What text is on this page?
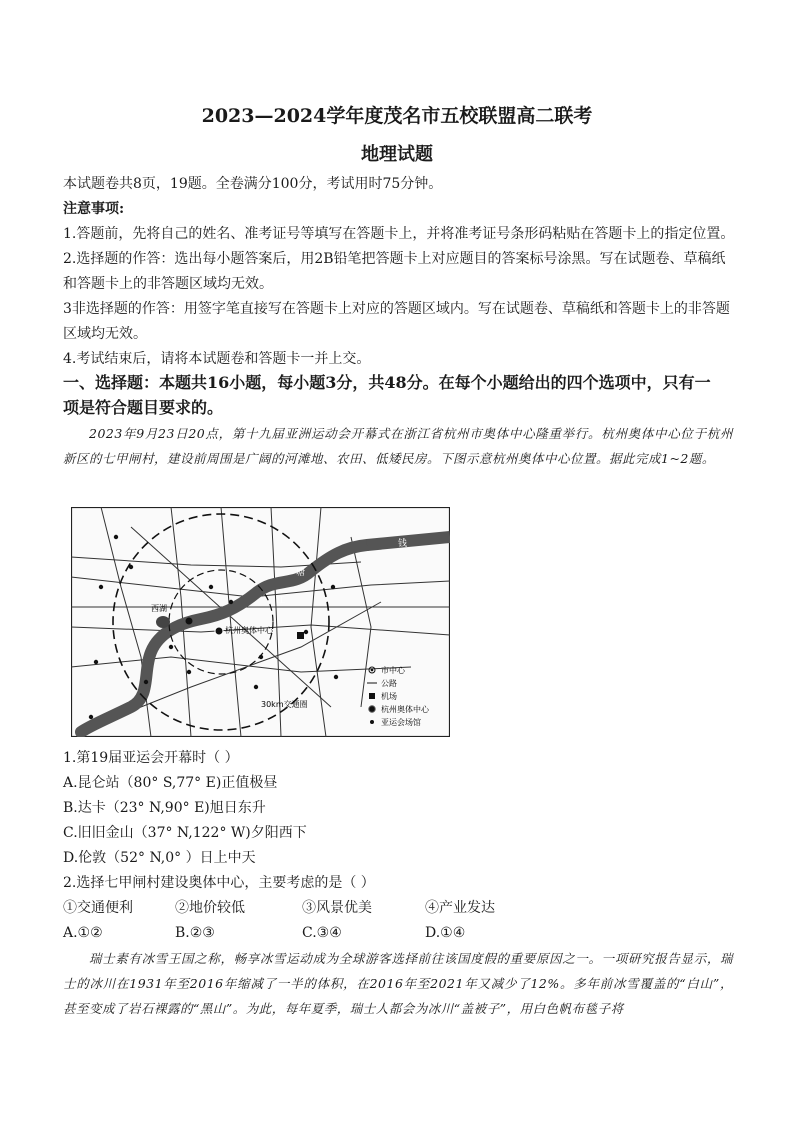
2023—2024学年度茂名市五校联盟高二联考
地理试题
本试题卷共8页，19题。全卷满分100分，考试用时75分钟。
注意事项:
1.答题前，先将自己的姓名、准考证号等填写在答题卡上，并将准考证号条形码粘贴在答题卡上的指定位置。
2.选择题的作答：选出每小题答案后，用2B铅笔把答题卡上对应题目的答案标号涂黑。写在试题卷、草稿纸
和答题卡上的非答题区域均无效。
3非选择题的作答：用签字笔直接写在答题卡上对应的答题区域内。写在试题卷、草稿纸和答题卡上的非答题
区域均无效。
4.考试结束后，请将本试题卷和答题卡一并上交。
一、选择题：本题共16小题，每小题3分，共48分。在每个小题给出的四个选项中，只有一
项是符合题目要求的。
2023年9月23日20点，第十九届亚洲运动会开幕式在浙江省杭州市奥体中心隆重举行。杭州奥体中心位于杭州新区的七甲闸村，建设前周围是广阔的河滩地、农田、低矮民房。下图示意杭州奥体中心位置。据此完成1~2题。
钱
塘
江
西湖
杭州奥体中心
30km交通圈
市中心
公路
机场
杭州奥体中心
亚运会场馆
1.第19届亚运会开幕时（ ）
A.昆仑站（80° S,77° E)正值极昼
B.达卡（23° N,90° E)旭日东升
C.旧旧金山（37° N,122° W)夕阳西下
D.伦敦（52° N,0° ）日上中天
2.选择七甲闸村建设奥体中心，主要考虑的是（ ）
①交通便利	②地价较低	③风景优美	④产业发达
A.①②	B.②③	C.③④	D.①④
瑞士素有冰雪王国之称，畅享冰雪运动成为全球游客选择前往该国度假的重要原因之一。一项研究报告显示，瑞士的冰川在1931年至2016年缩减了一半的体积，在2016年至2021年又减少了12%。多年前冰雪覆盖的“白山”，甚至变成了岩石裸露的“黑山”。为此，每年夏季，瑞士人都会为冰川“盖被子”，用白色帆布毯子将
